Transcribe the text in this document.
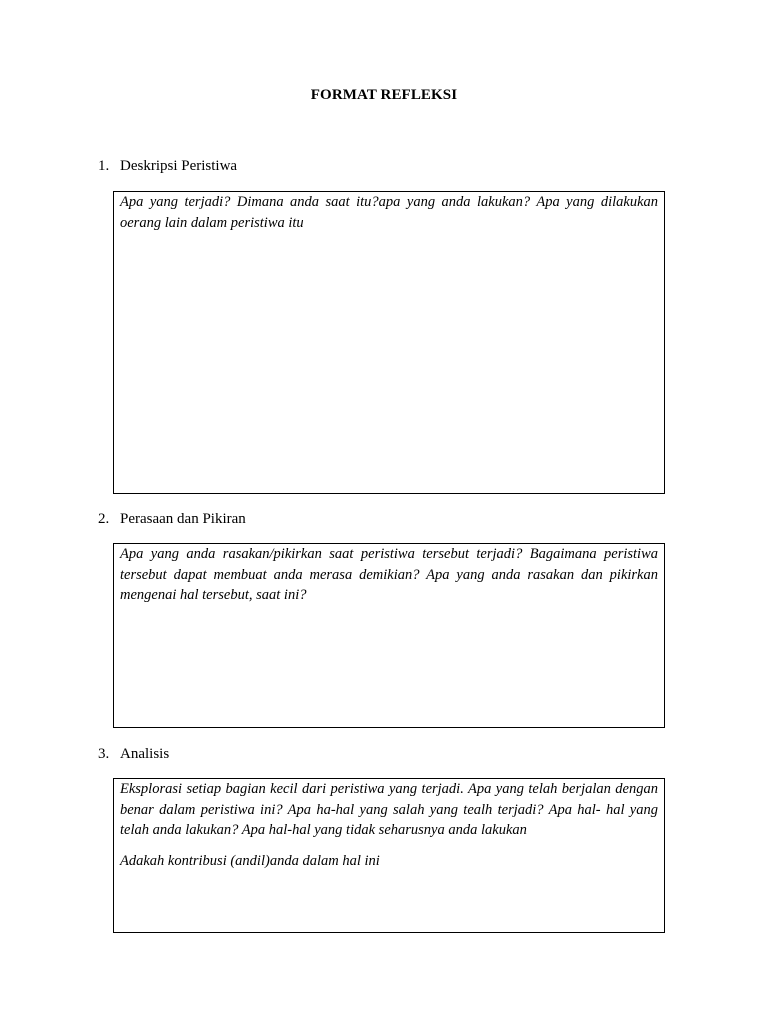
FORMAT REFLEKSI
1. Deskripsi Peristiwa

Apa yang terjadi? Dimana anda saat itu?apa yang anda lakukan? Apa yang dilakukan oerang lain dalam peristiwa itu

2. Perasaan dan Pikiran

Apa yang anda rasakan/pikirkan saat peristiwa tersebut terjadi? Bagaimana peristiwa tersebut dapat membuat anda merasa demikian? Apa yang anda rasakan dan pikirkan mengenai hal tersebut, saat ini?

3. Analisis

Eksplorasi setiap bagian kecil dari peristiwa yang terjadi. Apa yang telah berjalan dengan benar dalam peristiwa ini? Apa ha-hal yang salah yang tealh terjadi? Apa hal- hal yang telah anda lakukan? Apa hal-hal yang tidak seharusnya anda lakukan

Adakah kontribusi (andil)anda dalam hal ini
